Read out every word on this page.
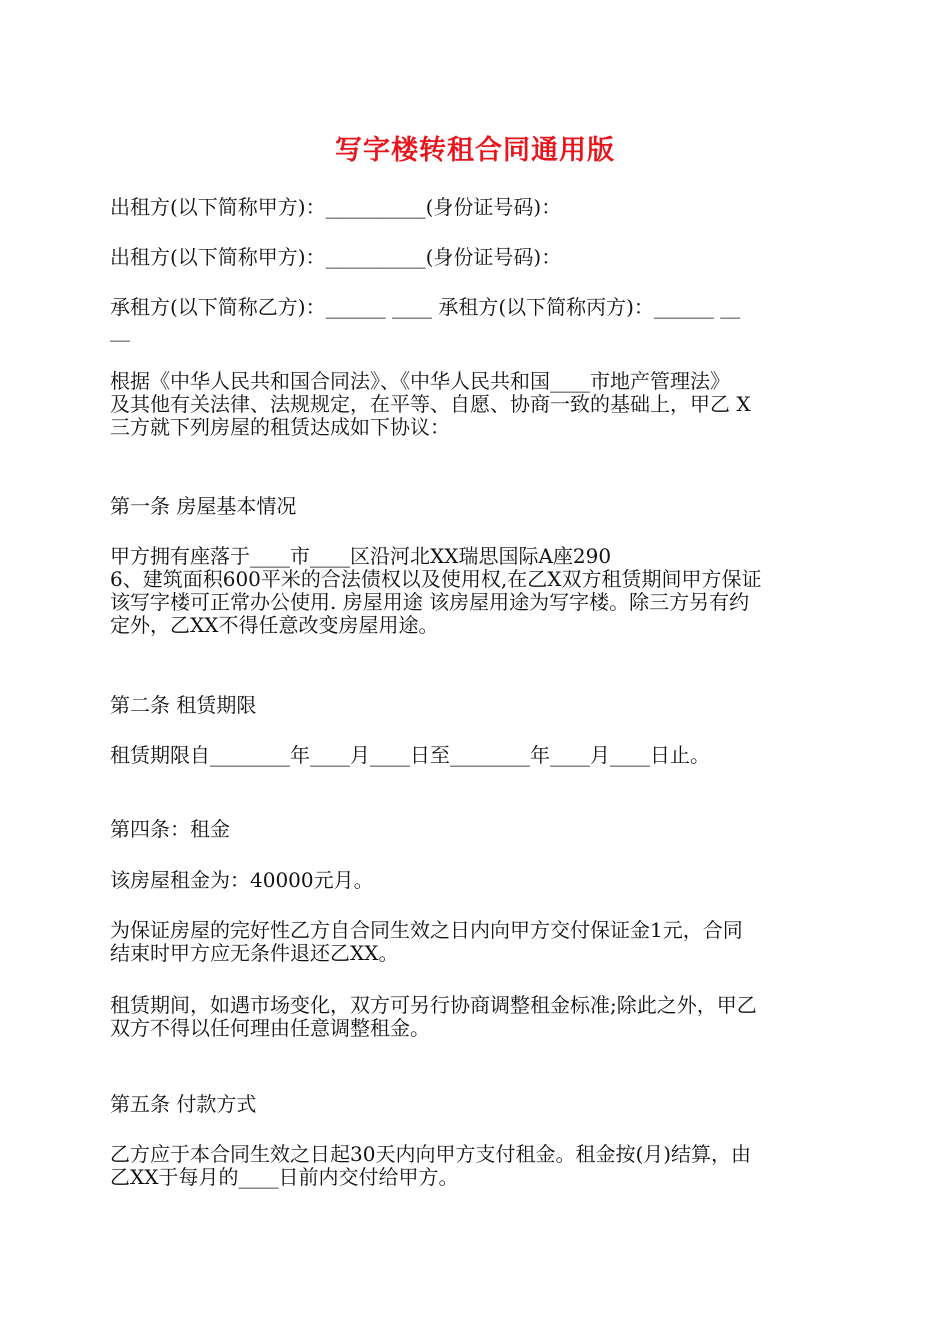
写字楼转租合同通用版

出租方(以下简称甲方)：__________(身份证号码)：

出租方(以下简称甲方)：__________(身份证号码)：

承租方(以下简称乙方)：______ ____ 承租方(以下简称丙方)：______ __
__

根据《中华人民共和国合同法》、《中华人民共和国____市地产管理法》
及其他有关法律、法规规定，在平等、自愿、协商一致的基础上，甲乙 X
三方就下列房屋的租赁达成如下协议：

第一条 房屋基本情况

甲方拥有座落于____市____区沿河北XX瑞思国际A座290
6、建筑面积600平米的合法债权以及使用权,在乙X双方租赁期间甲方保证
该写字楼可正常办公使用. 房屋用途 该房屋用途为写字楼。除三方另有约
定外，乙XX不得任意改变房屋用途。

第二条 租赁期限

租赁期限自________年____月____日至________年____月____日止。

第四条：租金

该房屋租金为：40000元月。

为保证房屋的完好性乙方自合同生效之日内向甲方交付保证金1元，合同
结束时甲方应无条件退还乙XX。

租赁期间，如遇市场变化，双方可另行协商调整租金标准;除此之外，甲乙
双方不得以任何理由任意调整租金。

第五条 付款方式

乙方应于本合同生效之日起30天内向甲方支付租金。租金按(月)结算，由
乙XX于每月的____日前内交付给甲方。
